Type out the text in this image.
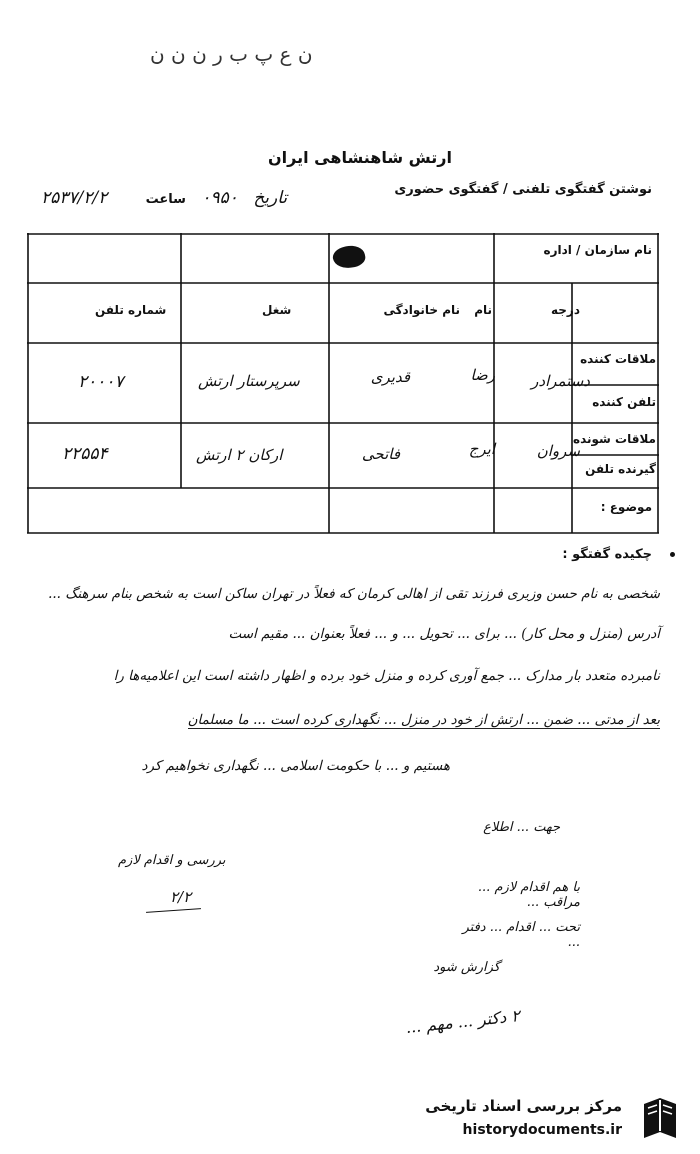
ن ع پ ب ر ن ن ن
ارتش شاهنشاهی ایران
نوشتن گفتگوی تلفنی / گفتگوی حضوری
۲۵۳۷/۲/۲	تاریخ ۰۹۵۰ ساعت
نام سازمان / اداره
درجه
نام
نام خانوادگی
شغل
شماره تلفن
ملاقات کننده
تلفن کننده
ملاقات شونده
گیرنده تلفن
موضوع :
دستمرادر
رضا
قدیری
سرپرستار ارتش
۲۰۰۰۷
سروان
ایرج
فاتحی
ارکان ۲ ارتش
۲۲۵۵۴
چکیده گفتگو :
شخصی به نام حسن وزیری فرزند تقی از اهالی کرمان که فعلاً در تهران ساکن است به شخص بنام سرهنگ ...
آدرس (منزل و محل کار) ... برای ... تحویل ... و ... فعلاً بعنوان ... مقیم است
نامبرده متعدد بار مدارک ... جمع آوری کرده و منزل خود برده و اظهار داشته است این اعلامیه‌ها را
بعد از مدتی ... ضمن ... ارتش از خود در منزل ... نگهداری کرده است ... ما مسلمان
هستیم و ... با حکومت اسلامی ... نگهداری نخواهیم کرد
بررسی و اقدام لازم
۲/۲
جهت ... اطلاع
با هم اقدام لازم ... مراقب ...
تحت ... اقدام ... دفتر ...
گزارش شود
۲ دکتر ... مهم ...
مرکز بررسی اسناد تاریخی
historydocuments.ir
